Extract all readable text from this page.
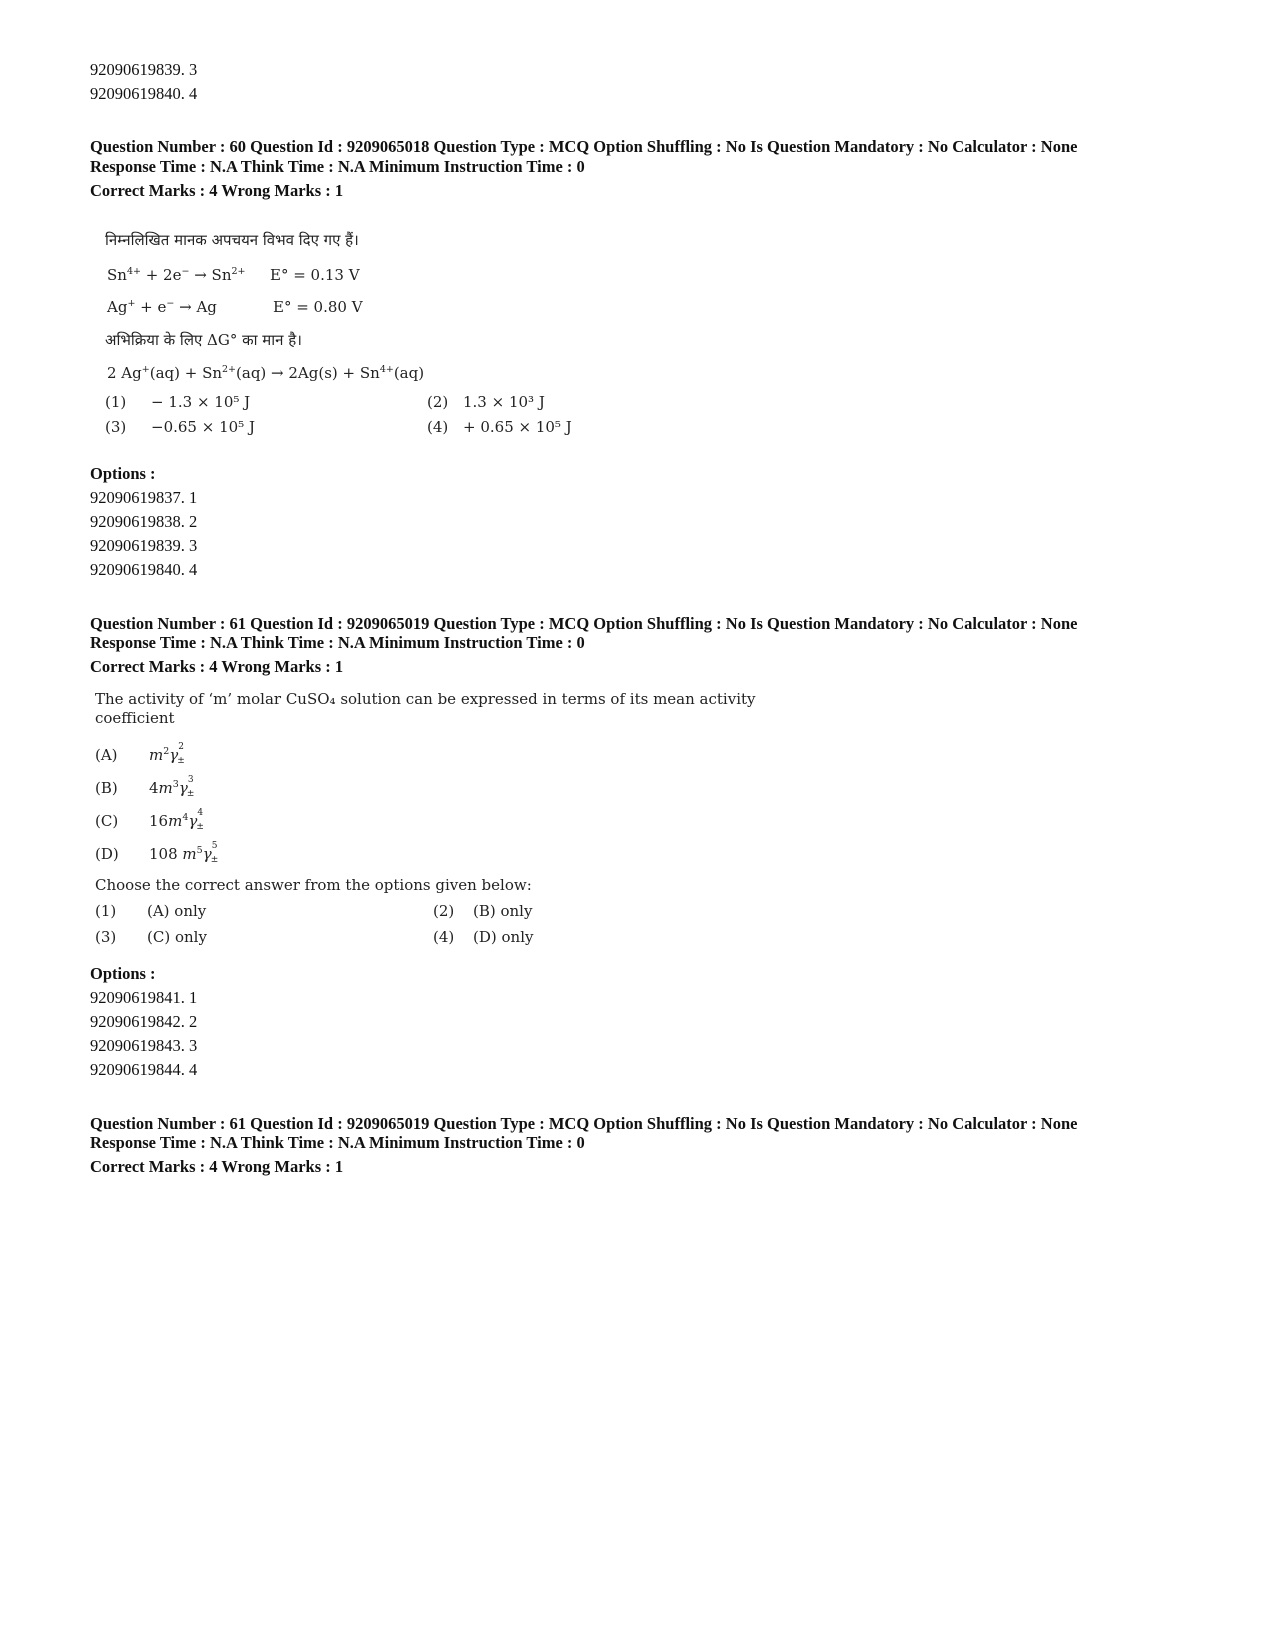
92090619839. 3
92090619840. 4
Question Number : 60 Question Id : 9209065018 Question Type : MCQ Option Shuffling : No Is Question Mandatory : No Calculator : None
Response Time : N.A Think Time : N.A Minimum Instruction Time : 0
Correct Marks : 4 Wrong Marks : 1
निम्नलिखित मानक अपचयन विभव दिए गए हैं।
$Sn^{4+} + 2e^- \to Sn^{2+}$ E° = 0.13 V
Ag+ + e− → Ag	E° = 0.80 V
अभिक्रिया के लिए ΔG° का मान है।
2 $Ag^+(aq) + Sn^{2+}(aq) \to 2Ag(s) + Sn^{4+}(aq)$
(1) − 1.3 × 10⁵ J	(2) 1.3 × 10³ J
(3) −0.65 × 10⁵ J	(4) + 0.65 × 10⁵ J
Options :
92090619837. 1
92090619838. 2
92090619839. 3
92090619840. 4
Question Number : 61 Question Id : 9209065019 Question Type : MCQ Option Shuffling : No Is Question Mandatory : No Calculator : None
Response Time : N.A Think Time : N.A Minimum Instruction Time : 0
Correct Marks : 4 Wrong Marks : 1
The activity of ‘m’ molar CuSO₄ solution can be expressed in terms of its mean activity
coefficient
(A) $m^2\gamma$ 2
±
(B) $4m^3\gamma$ 3
±
(C) $16m^4\gamma$ 4
±
(D) 108 $m^5\gamma$ 5
±
Choose the correct answer from the options given below:
(1) (A) only	(2) (B) only
(3) (C) only	(4) (D) only
Options :
92090619841. 1
92090619842. 2
92090619843. 3
92090619844. 4
Question Number : 61 Question Id : 9209065019 Question Type : MCQ Option Shuffling : No Is Question Mandatory : No Calculator : None
Response Time : N.A Think Time : N.A Minimum Instruction Time : 0
Correct Marks : 4 Wrong Marks : 1
